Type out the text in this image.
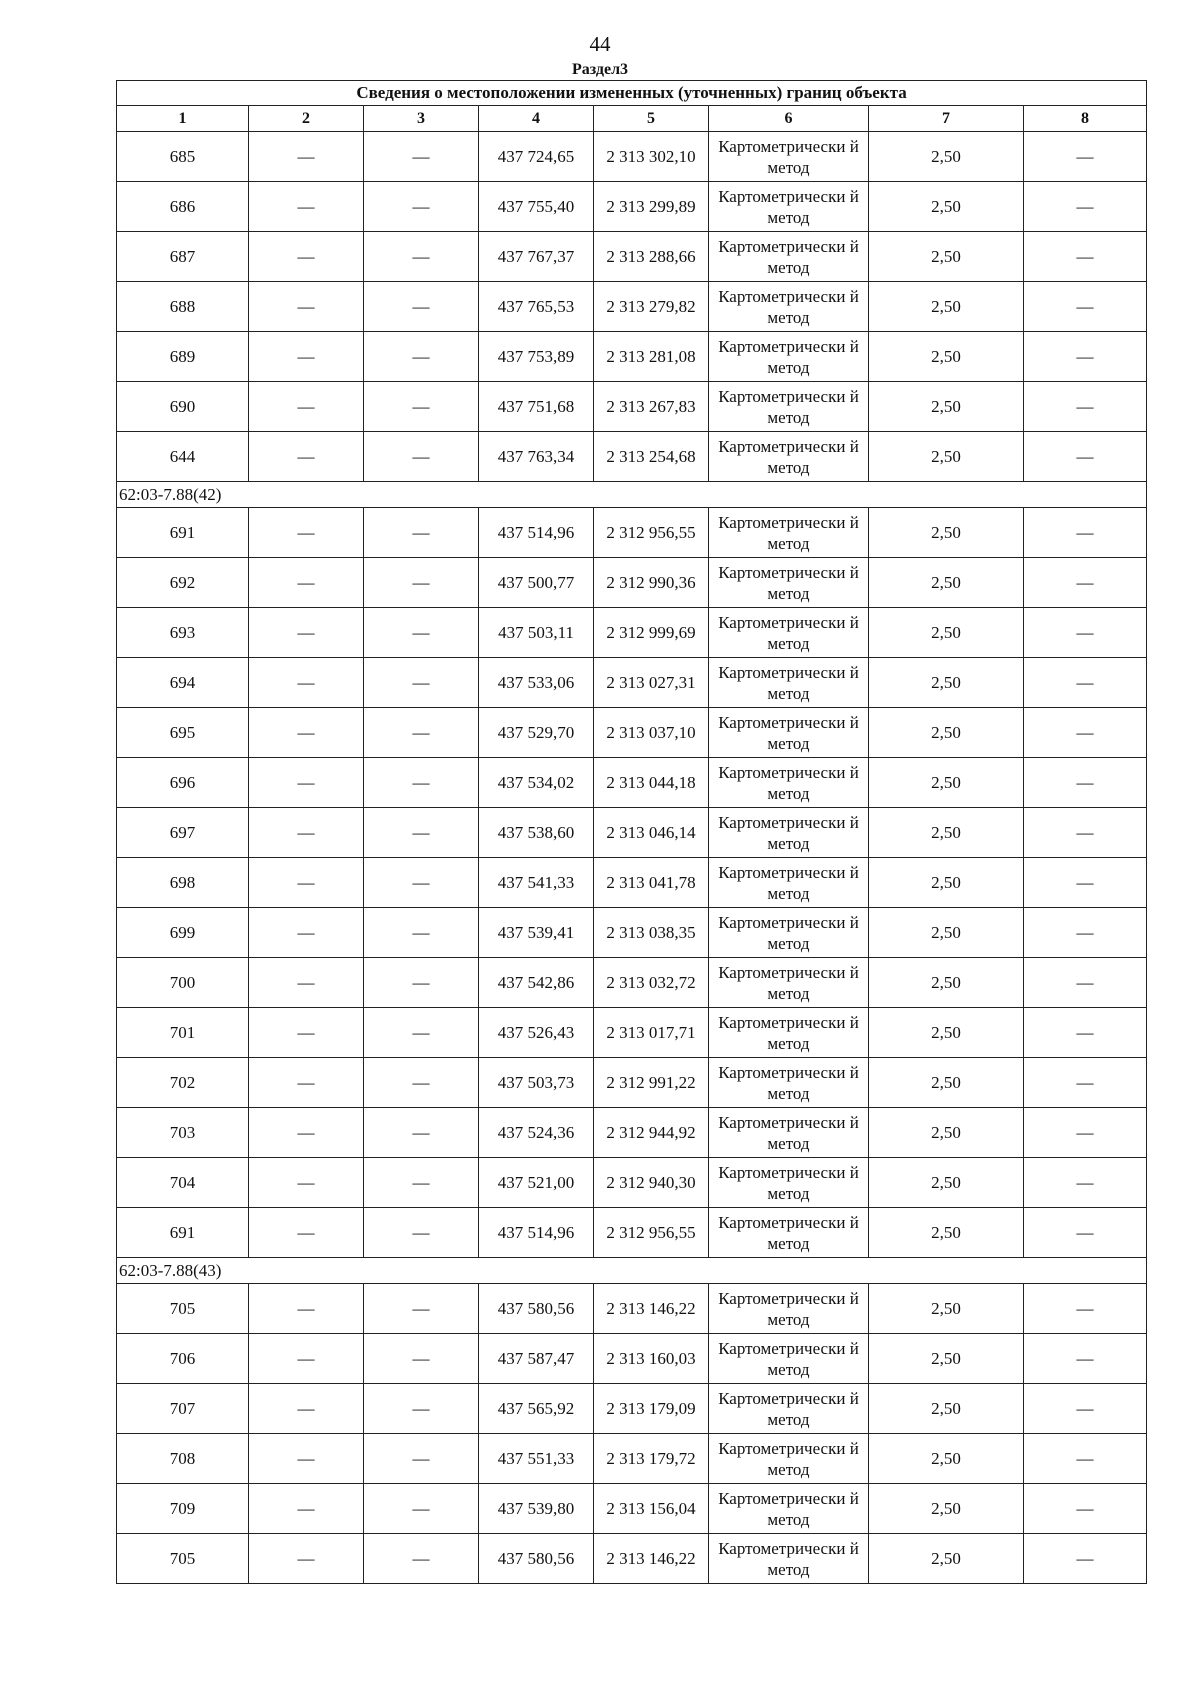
44
Раздел3
Сведения о местоположении измененных (уточненных) границ объекта							
1	2	3	4	5	6	7	8
685	—	—	437 724,65	2 313 302,10	Картометрически й метод	2,50	—
686	—	—	437 755,40	2 313 299,89	Картометрически й метод	2,50	—
687	—	—	437 767,37	2 313 288,66	Картометрически й метод	2,50	—
688	—	—	437 765,53	2 313 279,82	Картометрически й метод	2,50	—
689	—	—	437 753,89	2 313 281,08	Картометрически й метод	2,50	—
690	—	—	437 751,68	2 313 267,83	Картометрически й метод	2,50	—
644	—	—	437 763,34	2 313 254,68	Картометрически й метод	2,50	—
62:03-7.88(42)							
691	—	—	437 514,96	2 312 956,55	Картометрически й метод	2,50	—
692	—	—	437 500,77	2 312 990,36	Картометрически й метод	2,50	—
693	—	—	437 503,11	2 312 999,69	Картометрически й метод	2,50	—
694	—	—	437 533,06	2 313 027,31	Картометрически й метод	2,50	—
695	—	—	437 529,70	2 313 037,10	Картометрически й метод	2,50	—
696	—	—	437 534,02	2 313 044,18	Картометрически й метод	2,50	—
697	—	—	437 538,60	2 313 046,14	Картометрически й метод	2,50	—
698	—	—	437 541,33	2 313 041,78	Картометрически й метод	2,50	—
699	—	—	437 539,41	2 313 038,35	Картометрически й метод	2,50	—
700	—	—	437 542,86	2 313 032,72	Картометрически й метод	2,50	—
701	—	—	437 526,43	2 313 017,71	Картометрически й метод	2,50	—
702	—	—	437 503,73	2 312 991,22	Картометрически й метод	2,50	—
703	—	—	437 524,36	2 312 944,92	Картометрически й метод	2,50	—
704	—	—	437 521,00	2 312 940,30	Картометрически й метод	2,50	—
691	—	—	437 514,96	2 312 956,55	Картометрически й метод	2,50	—
62:03-7.88(43)							
705	—	—	437 580,56	2 313 146,22	Картометрически й метод	2,50	—
706	—	—	437 587,47	2 313 160,03	Картометрически й метод	2,50	—
707	—	—	437 565,92	2 313 179,09	Картометрически й метод	2,50	—
708	—	—	437 551,33	2 313 179,72	Картометрически й метод	2,50	—
709	—	—	437 539,80	2 313 156,04	Картометрически й метод	2,50	—
705	—	—	437 580,56	2 313 146,22	Картометрически й метод	2,50	—
